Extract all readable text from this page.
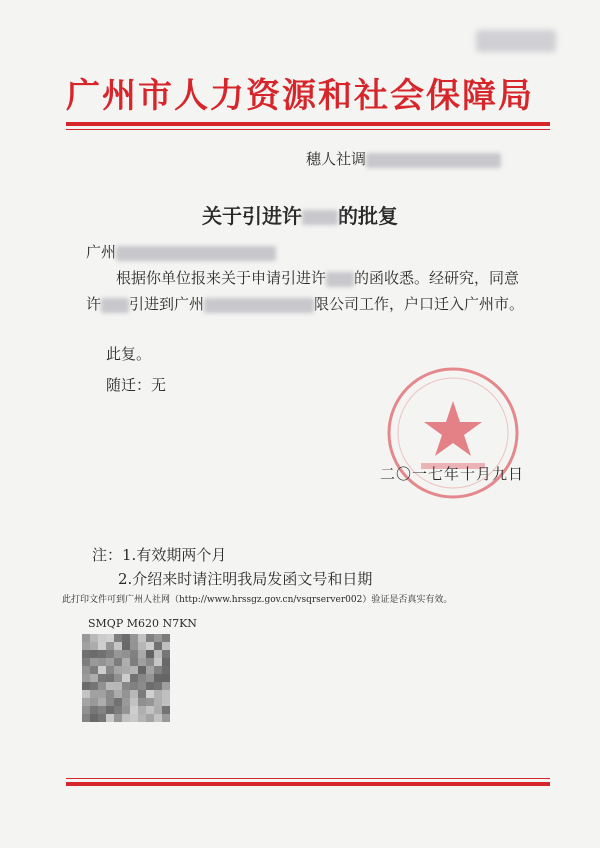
广州市人力资源和社会保障局
穗人社调
关于引进许 的批复
广州

根据你单位报来关于申请引进许 的函收悉。经研究，同意许 引进到广州	限公司工作，户口迁入广州市。

此复。
随迁：无
二〇一七年十月九日
注：1.有效期两个月
2.介绍来时请注明我局发函文号和日期
此打印文件可到广州人社网（http://www.hrssgz.gov.cn/vsqrserver002）验证是否真实有效。
SMQP M620 N7KN
